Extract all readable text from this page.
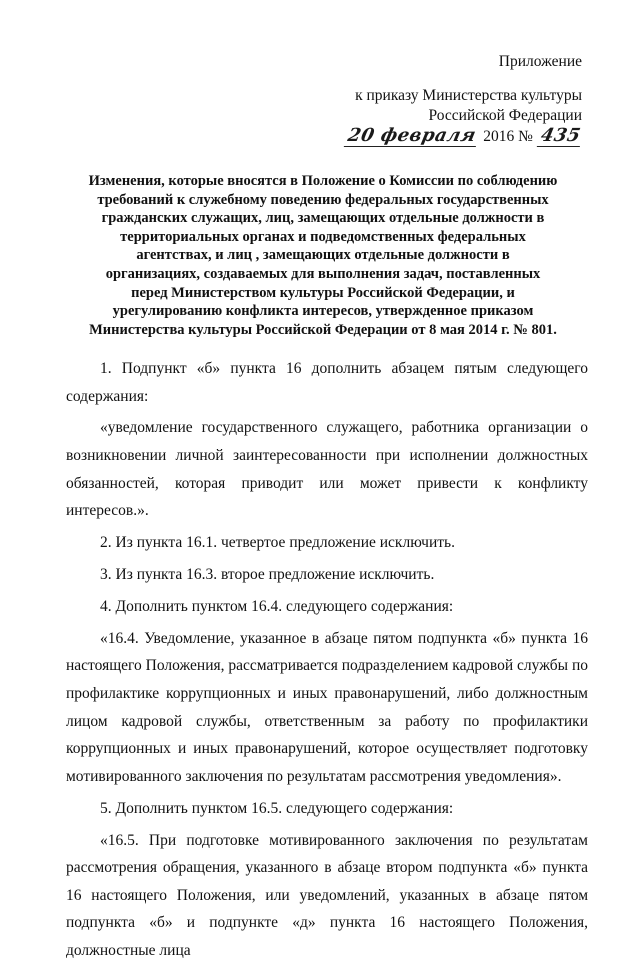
Приложение
к приказу Министерства культуры
Российской Федерации
20 февраля 2016 № 435
Изменения, которые вносятся в Положение о Комиссии по соблюдению требований к служебному поведению федеральных государственных гражданских служащих, лиц, замещающих отдельные должности в территориальных органах и подведомственных федеральных агентствах, и лиц , замещающих отдельные должности в организациях, создаваемых для выполнения задач, поставленных перед Министерством культуры Российской Федерации, и урегулированию конфликта интересов, утвержденное приказом Министерства культуры Российской Федерации от 8 мая 2014 г. № 801.

1. Подпункт «б» пункта 16 дополнить абзацем пятым следующего содержания:

«уведомление государственного служащего, работника организации о возникновении личной заинтересованности при исполнении должностных обязанностей, которая приводит или может привести к конфликту интересов.».

2. Из пункта 16.1. четвертое предложение исключить.

3. Из пункта 16.3. второе предложение исключить.

4. Дополнить пунктом 16.4. следующего содержания:

«16.4. Уведомление, указанное в абзаце пятом подпункта «б» пункта 16 настоящего Положения, рассматривается подразделением кадровой службы по профилактике коррупционных и иных правонарушений, либо должностным лицом кадровой службы, ответственным за работу по профилактики коррупционных и иных правонарушений, которое осуществляет подготовку мотивированного заключения по результатам рассмотрения уведомления».

5. Дополнить пунктом 16.5. следующего содержания:

«16.5. При подготовке мотивированного заключения по результатам рассмотрения обращения, указанного в абзаце втором подпункта «б» пункта 16 настоящего Положения, или уведомлений, указанных в абзаце пятом подпункта «б» и подпункте «д» пункта 16 настоящего Положения, должностные лица
